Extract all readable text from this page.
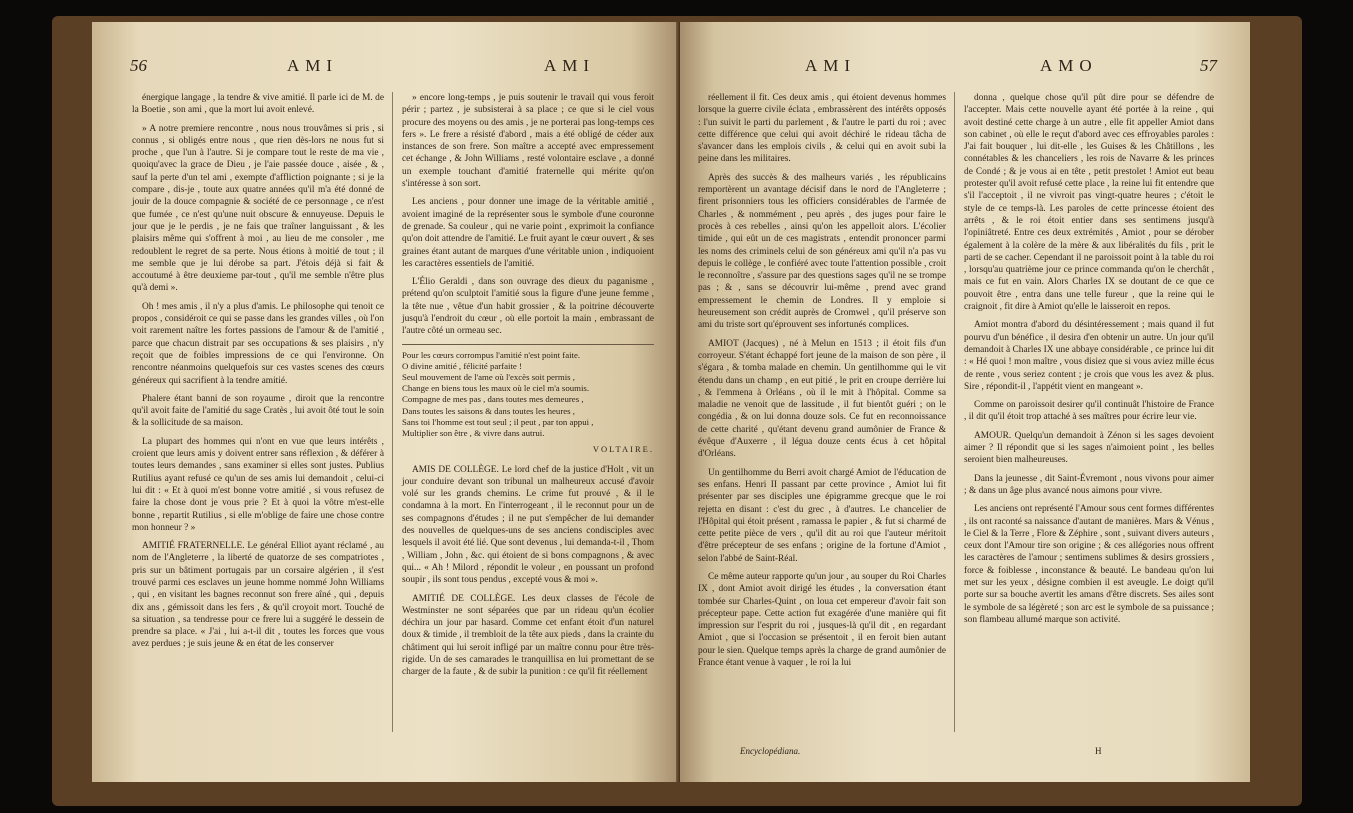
56	AMI	AMI

énergique langage , la tendre & vive amitié. Il parle ici de M. de la Boetie , son ami , que la mort lui avoit enlevé.

» A notre premiere rencontre , nous nous trouvâmes si pris , si connus , si obligés entre nous , que rien dès-lors ne nous fut si proche , que l'un à l'autre. Si je compare tout le reste de ma vie , quoiqu'avec la grace de Dieu , je l'aie passée douce , aisée , & , sauf la perte d'un tel ami , exempte d'affliction poignante ; si je la compare , dis-je , toute aux quatre années qu'il m'a été donné de jouir de la douce compagnie & société de ce personnage , ce n'est que fumée , ce n'est qu'une nuit obscure & ennuyeuse. Depuis le jour que je le perdis , je ne fais que traîner languissant , & les plaisirs même qui s'offrent à moi , au lieu de me consoler , me redoublent le regret de sa perte. Nous étions à moitié de tout ; il me semble que je lui dérobe sa part. J'étois déjà si fait & accoutumé à être deuxieme par-tout , qu'il me semble n'être plus qu'à demi ».

Oh ! mes amis , il n'y a plus d'amis. Le philosophe qui tenoit ce propos , considéroit ce qui se passe dans les grandes villes , où l'on voit rarement naître les fortes passions de l'amour & de l'amitié , parce que chacun distrait par ses occupations & ses plaisirs , n'y reçoit que de foibles impressions de ce qui l'environne. On rencontre néanmoins quelquefois sur ces vastes scenes des cœurs généreux qui sacrifient à la tendre amitié.

Phalere étant banni de son royaume , diroit que la rencontre qu'il avoit faite de l'amitié du sage Cratès , lui avoit ôté tout le soin & la sollicitude de sa maison.

La plupart des hommes qui n'ont en vue que leurs intérêts , croient que leurs amis y doivent entrer sans réflexion , & déférer à toutes leurs demandes , sans examiner si elles sont justes. Publius Rutilius ayant refusé ce qu'un de ses amis lui demandoit , celui-ci lui dit : « Et à quoi m'est bonne votre amitié , si vous refusez de faire la chose dont je vous prie ? Et à quoi la vôtre m'est-elle bonne , repartit Rutilius , si elle m'oblige de faire une chose contre mon honneur ? »

AMITIÉ FRATERNELLE. Le général Elliot ayant réclamé , au nom de l'Angleterre , la liberté de quatorze de ses compatriotes , pris sur un bâtiment portugais par un corsaire algérien , il s'est trouvé parmi ces esclaves un jeune homme nommé John Williams , qui , en visitant les bagnes reconnut son frere aîné , qui , depuis dix ans , gémissoit dans les fers , & qu'il croyoit mort. Touché de sa situation , sa tendresse pour ce frere lui a suggéré le dessein de prendre sa place. « J'ai , lui a-t-il dit , toutes les forces que vous avez perdues ; je suis jeune & en état de les conserver

» encore long-temps , je puis soutenir le travail qui vous feroit périr ; partez , je subsisterai à sa place ; ce que si le ciel vous procure des moyens ou des amis , je ne porterai pas long-temps ces fers ». Le frere a résisté d'abord , mais a été obligé de céder aux instances de son frere. Son maître a accepté avec empressement cet échange , & John Williams , resté volontaire esclave , a donné un exemple touchant d'amitié fraternelle qui mérite qu'on s'intéresse à son sort.

Les anciens , pour donner une image de la véritable amitié , avoient imaginé de la représenter sous le symbole d'une couronne de grenade. Sa couleur , qui ne varie point , exprimoit la confiance qu'on doit attendre de l'amitié. Le fruit ayant le cœur ouvert , & ses graines étant autant de marques d'une véritable union , indiquoient les caractères essentiels de l'amitié.

L'Élio Geraldi , dans son ouvrage des dieux du paganisme , prétend qu'on sculptoit l'amitié sous la figure d'une jeune femme , la tête nue , vêtue d'un habit grossier , & la poitrine découverte jusqu'à l'endroit du cœur , où elle portoit la main , embrassant de l'autre côté un ormeau sec.

Pour les cœurs corrompus l'amitié n'est point faite.
O divine amitié , félicité parfaite !
Seul mouvement de l'ame où l'excès soit permis ,
Change en biens tous les maux où le ciel m'a soumis.
Compagne de mes pas , dans toutes mes demeures ,
Dans toutes les saisons & dans toutes les heures ,
Sans toi l'homme est tout seul ; il peut , par ton appui ,
Multiplier son être , & vivre dans autrui.
VOLTAIRE.

AMIS DE COLLÈGE. Le lord chef de la justice d'Holt , vit un jour conduire devant son tribunal un malheureux accusé d'avoir volé sur les grands chemins. Le crime fut prouvé , & il le condamna à la mort. En l'interrogeant , il le reconnut pour un de ses compagnons d'études ; il ne put s'empêcher de lui demander des nouvelles de quelques-uns de ses anciens condisciples avec lesquels il avoit été lié. Que sont devenus , lui demanda-t-il , Thom , William , John , &c. qui étoient de si bons compagnons , & avec qui... « Ah ! Milord , répondit le voleur , en poussant un profond soupir , ils sont tous pendus , excepté vous & moi ».

AMITIÉ DE COLLÈGE. Les deux classes de l'école de Westminster ne sont séparées que par un rideau qu'un écolier déchira un jour par hasard. Comme cet enfant étoit d'un naturel doux & timide , il trembloit de la tête aux pieds , dans la crainte du châtiment qui lui seroit infligé par un maître connu pour être très-rigide. Un de ses camarades le tranquillisa en lui promettant de se charger de la faute , & de subir la punition : ce qu'il fit réellement

AMI	AMO	57

réellement il fit. Ces deux amis , qui étoient devenus hommes lorsque la guerre civile éclata , embrassèrent des intérêts opposés : l'un suivit le parti du parlement , & l'autre le parti du roi ; avec cette différence que celui qui avoit déchiré le rideau tâcha de s'avancer dans les emplois civils , & celui qui en avoit subi la peine dans les militaires.

Après des succès & des malheurs variés , les républicains remportèrent un avantage décisif dans le nord de l'Angleterre ; firent prisonniers tous les officiers considérables de l'armée de Charles , & nommément , peu après , des juges pour faire le procès à ces rebelles , ainsi qu'on les appelloit alors. L'écolier timide , qui eût un de ces magistrats , entendit prononcer parmi les noms des criminels celui de son généreux ami qu'il n'a pas vu depuis le collège , le confiéré avec toute l'attention possible , croit le reconnoître , s'assure par des questions sages qu'il ne se trompe pas ; & , sans se découvrir lui-même , prend avec grand empressement le chemin de Londres. Il y emploie si heureusement son crédit auprès de Cromwel , qu'il préserve son ami du triste sort qu'éprouvent ses infortunés complices.

AMIOT (Jacques) , né à Melun en 1513 ; il étoit fils d'un corroyeur. S'étant échappé fort jeune de la maison de son père , il s'égara , & tomba malade en chemin. Un gentilhomme qui le vit étendu dans un champ , en eut pitié , le prit en croupe derrière lui , & l'emmena à Orléans , où il le mit à l'hôpital. Comme sa maladie ne venoit que de lassitude , il fut bientôt guéri ; on le congédia , & on lui donna douze sols. Ce fut en reconnoissance de cette charité , qu'étant devenu grand aumônier de France & évêque d'Auxerre , il légua douze cents écus à cet hôpital d'Orléans.

Un gentilhomme du Berri avoit chargé Amiot de l'éducation de ses enfans. Henri II passant par cette province , Amiot lui fit présenter par ses disciples une épigramme grecque que le roi rejetta en disant : c'est du grec , à d'autres. Le chancelier de l'Hôpital qui étoit présent , ramassa le papier , & fut si charmé de cette petite pièce de vers , qu'il dit au roi que l'auteur méritoit d'être précepteur de ses enfans ; origine de la fortune d'Amiot , selon l'abbé de Saint-Réal.

Ce même auteur rapporte qu'un jour , au souper du Roi Charles IX , dont Amiot avoit dirigé les études , la conversation étant tombée sur Charles-Quint , on loua cet empereur d'avoir fait son précepteur pape. Cette action fut exagérée d'une manière qui fit impression sur l'esprit du roi , jusques-là qu'il dit , en regardant Amiot , que si l'occasion se présentoit , il en feroit bien autant pour le sien. Quelque temps après la charge de grand aumônier de France étant venue à vaquer , le roi la lui

Encyclopédiana.

donna , quelque chose qu'il pût dire pour se défendre de l'accepter. Mais cette nouvelle ayant été portée à la reine , qui avoit destiné cette charge à un autre , elle fit appeller Amiot dans son cabinet , où elle le reçut d'abord avec ces effroyables paroles : J'ai fait bouquer , lui dit-elle , les Guises & les Châtillons , les connétables & les chanceliers , les rois de Navarre & les princes de Condé ; & je vous ai en tête , petit prestolet ! Amiot eut beau protester qu'il avoit refusé cette place , la reine lui fit entendre que s'il l'acceptoit , il ne vivroit pas vingt-quatre heures ; c'étoit le style de ce temps-là. Les paroles de cette princesse étoient des arrêts , & le roi étoit entier dans ses sentimens jusqu'à l'opiniâtreté. Entre ces deux extrémités , Amiot , pour se dérober également à la colère de la mère & aux libéralités du fils , prit le parti de se cacher. Cependant il ne paroissoit point à la table du roi , lorsqu'au quatrième jour ce prince commanda qu'on le cherchât , mais ce fut en vain. Alors Charles IX se doutant de ce que ce pouvoit être , entra dans une telle fureur , que la reine qui le craignoit , fit dire à Amiot qu'elle le laisseroit en repos.

Amiot montra d'abord du désintéressement ; mais quand il fut pourvu d'un bénéfice , il desira d'en obtenir un autre. Un jour qu'il demandoit à Charles IX une abbaye considérable , ce prince lui dit : « Hé quoi ! mon maître , vous disiez que si vous aviez mille écus de rente , vous seriez content ; je crois que vous les avez & plus. Sire , répondit-il , l'appétit vient en mangeant ».

Comme on paroissoit desirer qu'il continuât l'histoire de France , il dit qu'il étoit trop attaché à ses maîtres pour écrire leur vie.

AMOUR. Quelqu'un demandoit à Zénon si les sages devoient aimer ? Il répondit que si les sages n'aimoient point , les belles seroient bien malheureuses.

Dans la jeunesse , dit Saint-Évremont , nous vivons pour aimer ; & dans un âge plus avancé nous aimons pour vivre.

Les anciens ont représenté l'Amour sous cent formes différentes , ils ont raconté sa naissance d'autant de manières. Mars & Vénus , le Ciel & la Terre , Flore & Zéphire , sont , suivant divers auteurs , ceux dont l'Amour tire son origine ; & ces allégories nous offrent les caractères de l'amour ; sentimens sublimes & desirs grossiers , force & foiblesse , inconstance & beauté. Le bandeau qu'on lui met sur les yeux , désigne combien il est aveugle. Le doigt qu'il porte sur sa bouche avertit les amans d'être discrets. Ses ailes sont le symbole de sa légèreté ; son arc est le symbole de sa puissance ; son flambeau allumé marque son activité.

H
